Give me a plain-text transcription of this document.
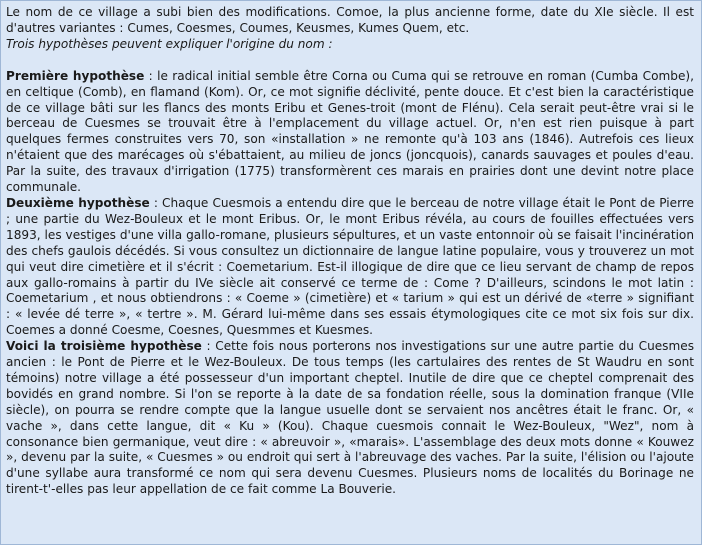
Le nom de ce village a subi bien des modifications. Comoe, la plus ancienne forme, date du XIe siècle. Il est d'autres variantes : Cumes, Coesmes, Coumes, Keusmes, Kumes Quem, etc.

Trois hypothèses peuvent expliquer l'origine du nom :

Première hypothèse : le radical initial semble être Corna ou Cuma qui se retrouve en roman (Cumba Combe), en celtique (Comb), en flamand (Kom). Or, ce mot signifie déclivité, pente douce. Et c'est bien la caractéristique de ce village bâti sur les flancs des monts Eribu et Genes-troit (mont de Flénu). Cela serait peut-être vrai si le berceau de Cuesmes se trouvait être à l'emplacement du village actuel. Or, n'en est rien puisque à part quelques fermes construites vers 70, son «installation » ne remonte qu'à 103 ans (1846). Autrefois ces lieux n'étaient que des marécages où s'ébattaient, au milieu de joncs (joncquois), canards sauvages et poules d'eau. Par la suite, des travaux d'irrigation (1775) transformèrent ces marais en prairies dont une devint notre place communale.

Deuxième hypothèse : Chaque Cuesmois a entendu dire que le berceau de notre village était le Pont de Pierre ; une partie du Wez-Bouleux et le mont Eribus. Or, le mont Eribus révéla, au cours de fouilles effectuées vers 1893, les vestiges d'une villa gallo-romane, plusieurs sépultures, et un vaste entonnoir où se faisait l'incinération des chefs gaulois décédés. Si vous consultez un dictionnaire de langue latine populaire, vous y trouverez un mot qui veut dire cimetière et il s'écrit : Coemetarium. Est-il illogique de dire que ce lieu servant de champ de repos aux gallo-romains à partir du IVe siècle ait conservé ce terme de : Come ? D'ailleurs, scindons le mot latin : Coemetarium , et nous obtiendrons : « Coeme » (cimetière) et « tarium » qui est un dérivé de «terre » signifiant : « levée dé terre », « tertre ». M. Gérard lui-même dans ses essais étymologiques cite ce mot six fois sur dix. Coemes a donné Coesme, Coesnes, Quesmmes et Kuesmes.

Voici la troisième hypothèse : Cette fois nous porterons nos investigations sur une autre partie du Cuesmes ancien : le Pont de Pierre et le Wez-Bouleux. De tous temps (les cartulaires des rentes de St Waudru en sont témoins) notre village a été possesseur d'un important cheptel. Inutile de dire que ce cheptel comprenait des bovidés en grand nombre. Si l'on se reporte à la date de sa fondation réelle, sous la domination franque (VIIe siècle), on pourra se rendre compte que la langue usuelle dont se servaient nos ancêtres était le franc. Or, « vache », dans cette langue, dit « Ku » (Kou). Chaque cuesmois connait le Wez-Bouleux, "Wez", nom à consonance bien germanique, veut dire : « abreuvoir », «marais». L'assemblage des deux mots donne « Kouwez », devenu par la suite, « Cuesmes » ou endroit qui sert à l'abreuvage des vaches. Par la suite, l'élision ou l'ajoute d'une syllabe aura transformé ce nom qui sera devenu Cuesmes. Plusieurs noms de localités du Borinage ne tirent-t'-elles pas leur appellation de ce fait comme La Bouverie.
